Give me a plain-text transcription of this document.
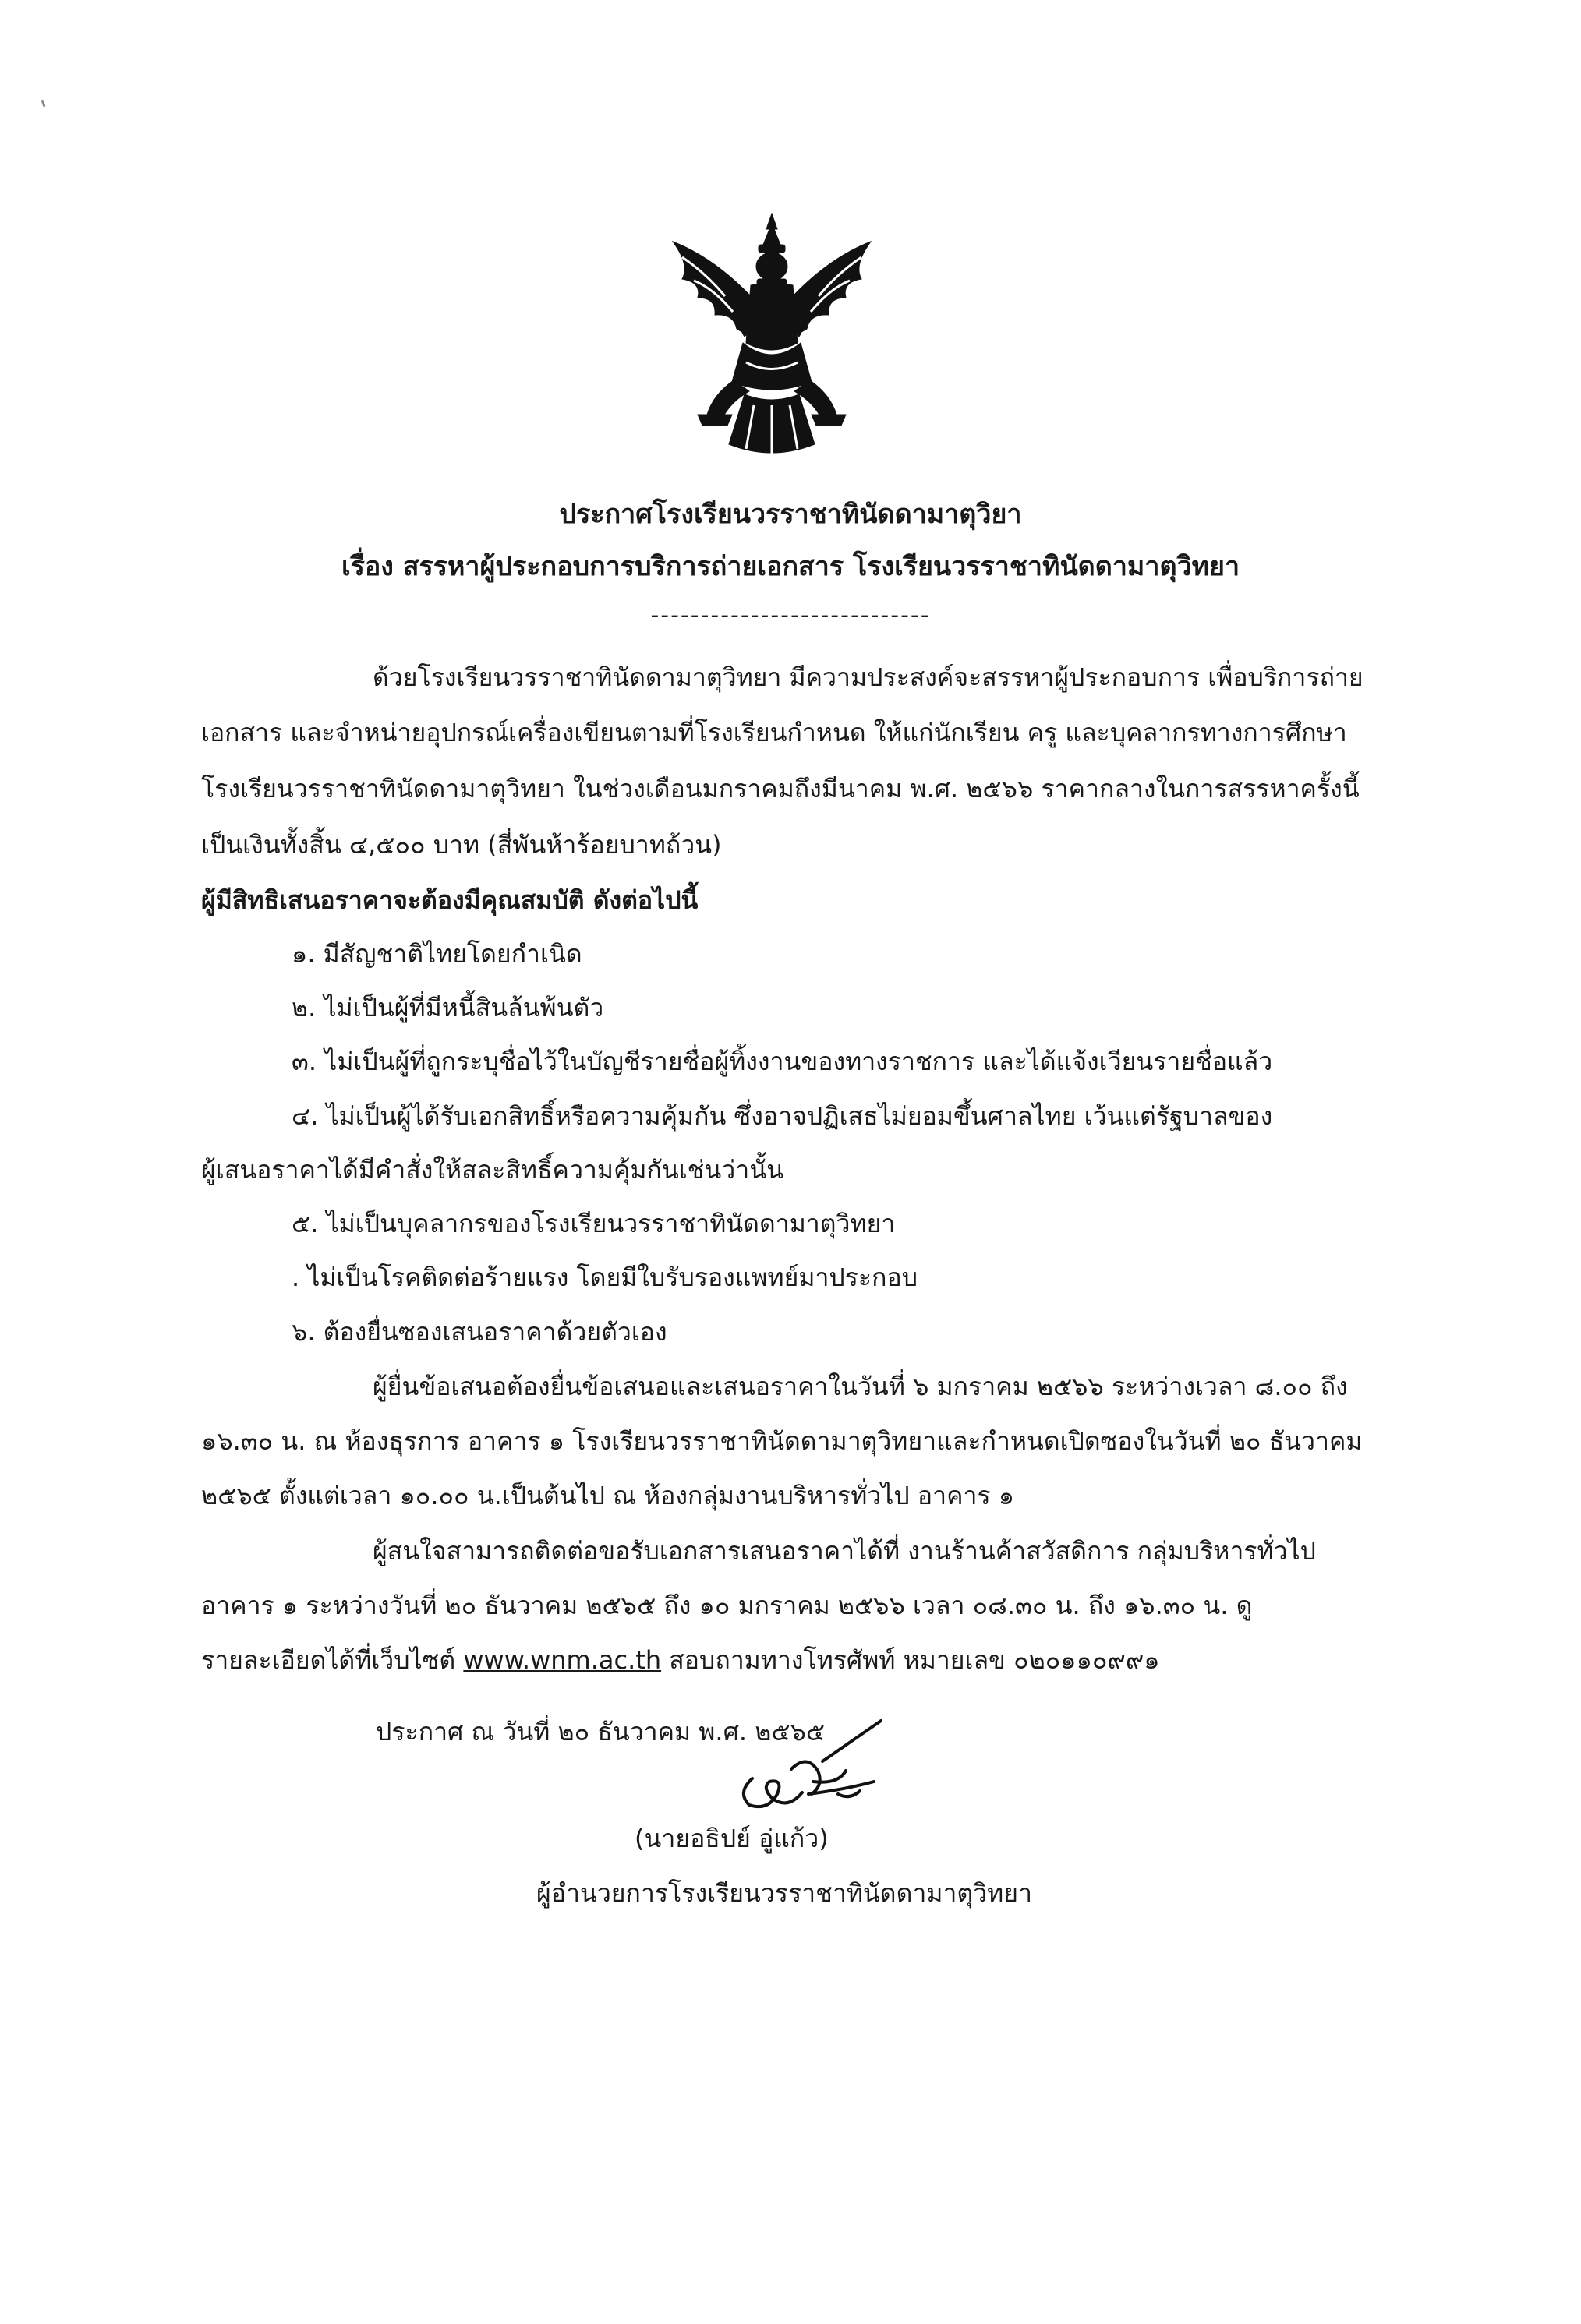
ประกาศโรงเรียนวรราชาทินัดดามาตุวิยา
เรื่อง สรรหาผู้ประกอบการบริการถ่ายเอกสาร โรงเรียนวรราชาทินัดดามาตุวิทยา
----------------------------
ด้วยโรงเรียนวรราชาทินัดดามาตุวิทยา มีความประสงค์จะสรรหาผู้ประกอบการ เพื่อบริการถ่าย
เอกสาร และจำหน่ายอุปกรณ์เครื่องเขียนตามที่โรงเรียนกำหนด ให้แก่นักเรียน ครู และบุคลากรทางการศึกษา
โรงเรียนวรราชาทินัดดามาตุวิทยา ในช่วงเดือนมกราคมถึงมีนาคม พ.ศ. ๒๕๖๖ ราคากลางในการสรรหาครั้งนี้
เป็นเงินทั้งสิ้น ๔,๕๐๐ บาท (สี่พันห้าร้อยบาทถ้วน)
ผู้มีสิทธิเสนอราคาจะต้องมีคุณสมบัติ ดังต่อไปนี้
๑. มีสัญชาติไทยโดยกำเนิด
๒. ไม่เป็นผู้ที่มีหนี้สินล้นพ้นตัว
๓. ไม่เป็นผู้ที่ถูกระบุชื่อไว้ในบัญชีรายชื่อผู้ทิ้งงานของทางราชการ และได้แจ้งเวียนรายชื่อแล้ว
๔. ไม่เป็นผู้ได้รับเอกสิทธิ์หรือความคุ้มกัน ซึ่งอาจปฏิเสธไม่ยอมขึ้นศาลไทย เว้นแต่รัฐบาลของ
ผู้เสนอราคาได้มีคำสั่งให้สละสิทธิ์ความคุ้มกันเช่นว่านั้น
๕. ไม่เป็นบุคลากรของโรงเรียนวรราชาทินัดดามาตุวิทยา
. ไม่เป็นโรคติดต่อร้ายแรง โดยมีใบรับรองแพทย์มาประกอบ
๖. ต้องยื่นซองเสนอราคาด้วยตัวเอง
ผู้ยื่นข้อเสนอต้องยื่นข้อเสนอและเสนอราคาในวันที่ ๖ มกราคม ๒๕๖๖ ระหว่างเวลา ๘.๐๐ ถึง
๑๖.๓๐ น. ณ ห้องธุรการ อาคาร ๑ โรงเรียนวรราชาทินัดดามาตุวิทยาและกำหนดเปิดซองในวันที่ ๒๐ ธันวาคม
๒๕๖๕ ตั้งแต่เวลา ๑๐.๐๐ น.เป็นต้นไป ณ ห้องกลุ่มงานบริหารทั่วไป อาคาร ๑
ผู้สนใจสามารถติดต่อขอรับเอกสารเสนอราคาได้ที่ งานร้านค้าสวัสดิการ กลุ่มบริหารทั่วไป
อาคาร ๑ ระหว่างวันที่ ๒๐ ธันวาคม ๒๕๖๕ ถึง ๑๐ มกราคม ๒๕๖๖ เวลา ๐๘.๓๐ น. ถึง ๑๖.๓๐ น. ดู
รายละเอียดได้ที่เว็บไซต์ www.wnm.ac.th สอบถามทางโทรศัพท์ หมายเลข ๐๒๐๑๑๐๙๙๑
ประกาศ ณ วันที่ ๒๐ ธันวาคม พ.ศ. ๒๕๖๕
(นายอธิปย์ อู่แก้ว)
ผู้อำนวยการโรงเรียนวรราชาทินัดดามาตุวิทยา
